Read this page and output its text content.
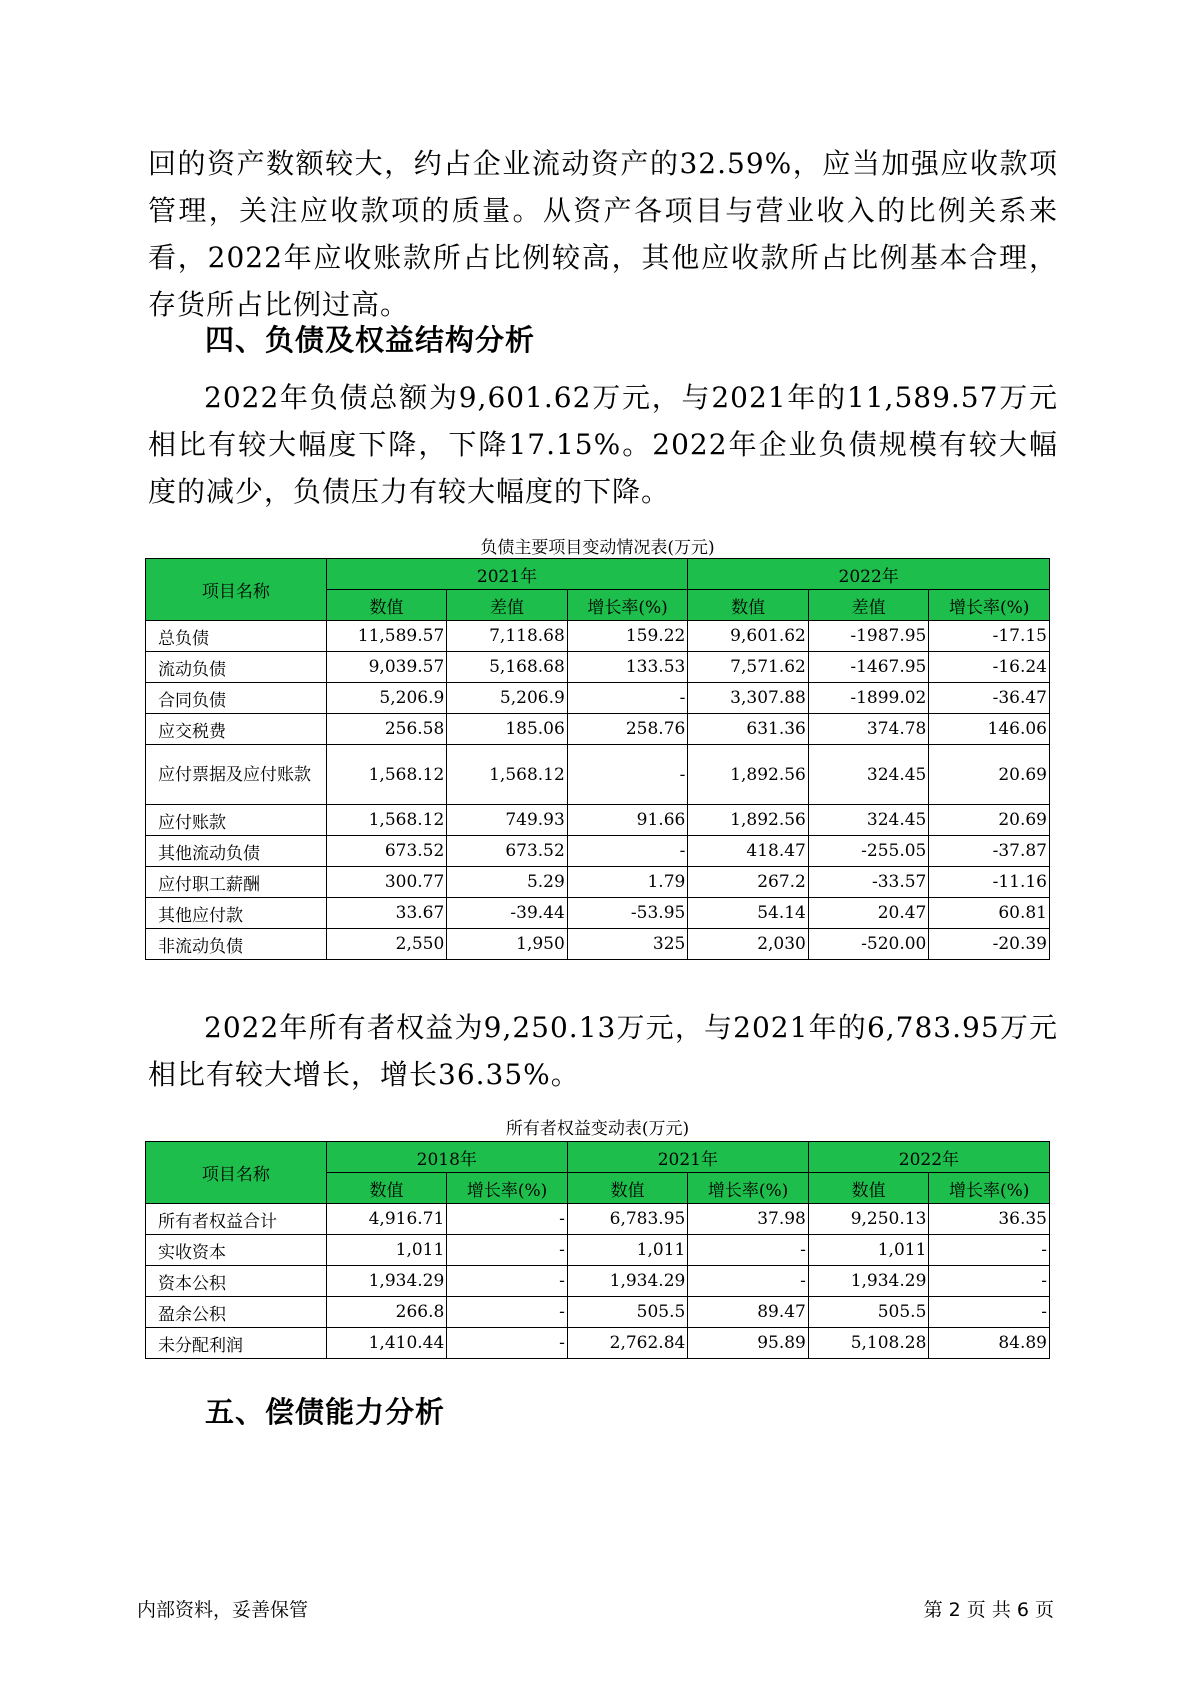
回的资产数额较大，约占企业流动资产的32.59%，应当加强应收款项管理，关注应收款项的质量。从资产各项目与营业收入的比例关系来看，2022年应收账款所占比例较高，其他应收款所占比例基本合理，存货所占比例过高。

四、负债及权益结构分析

2022年负债总额为9,601.62万元，与2021年的11,589.57万元相比有较大幅度下降，下降17.15%。2022年企业负债规模有较大幅度的减少，负债压力有较大幅度的下降。

负债主要项目变动情况表(万元)

项目名称	2021年			2022年		
	数值	差值	增长率(%)	数值	差值	增长率(%)
总负债	11,589.57	7,118.68	159.22	9,601.62	-1987.95	-17.15
流动负债	9,039.57	5,168.68	133.53	7,571.62	-1467.95	-16.24
合同负债	5,206.9	5,206.9	-	3,307.88	-1899.02	-36.47
应交税费	256.58	185.06	258.76	631.36	374.78	146.06
应付票据及应付账款	1,568.12	1,568.12	-	1,892.56	324.45	20.69
应付账款	1,568.12	749.93	91.66	1,892.56	324.45	20.69
其他流动负债	673.52	673.52	-	418.47	-255.05	-37.87
应付职工薪酬	300.77	5.29	1.79	267.2	-33.57	-11.16
其他应付款	33.67	-39.44	-53.95	54.14	20.47	60.81
非流动负债	2,550	1,950	325	2,030	-520.00	-20.39

2022年所有者权益为9,250.13万元，与2021年的6,783.95万元相比有较大增长，增长36.35%。

所有者权益变动表(万元)

项目名称	2018年		2021年		2022年	
	数值	增长率(%)	数值	增长率(%)	数值	增长率(%)
所有者权益合计	4,916.71	-	6,783.95	37.98	9,250.13	36.35
实收资本	1,011	-	1,011	-	1,011	-
资本公积	1,934.29	-	1,934.29	-	1,934.29	-
盈余公积	266.8	-	505.5	89.47	505.5	-
未分配利润	1,410.44	-	2,762.84	95.89	5,108.28	84.89
五、偿债能力分析
内部资料，妥善保管	第 2 页 共 6 页
